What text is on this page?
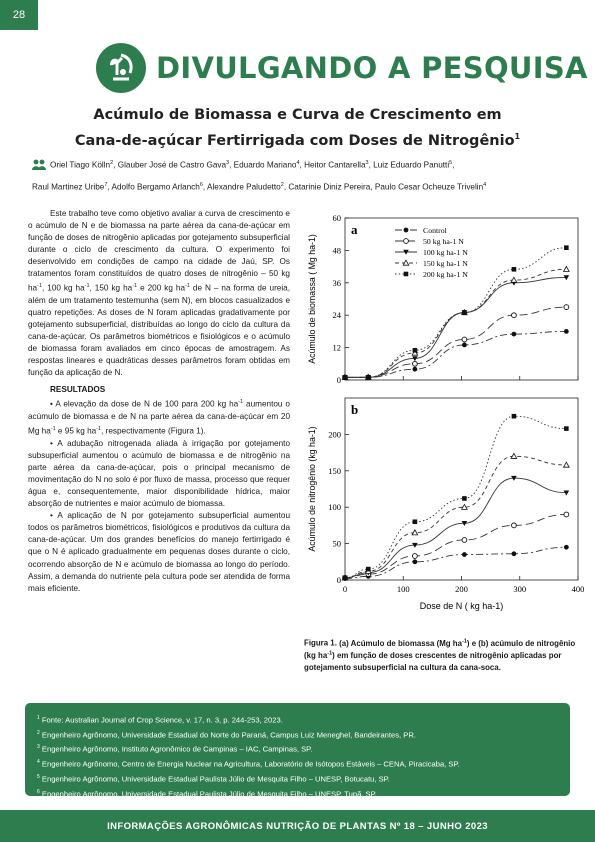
28
DIVULGANDO A PESQUISA
Acúmulo de Biomassa e Curva de Crescimento em
Cana-de-açúcar Fertirrigada com Doses de Nitrogênio$^1$
Oriel Tiago Kölln$^2$, Glauber José de Castro Gava$^3$, Eduardo Mariano$^4$, Heitor Cantarella$^3$, Luiz Eduardo Panutti$^5$,
Raul Martinez Uribe$^7$, Adolfo Bergamo Arlanch$^6$, Alexandre Paludetto$^2$, Catarinie Diniz Pereira, Paulo Cesar Ocheuze Trivelin$^4$

Este trabalho teve como objetivo avaliar a curva de crescimento e o acúmulo de N e de biomassa na parte aérea da cana-de-açúcar em função de doses de nitrogênio aplicadas por gotejamento subsuperficial durante o ciclo de crescimento da cultura. O experimento foi desenvolvido em condições de campo na cidade de Jaú, SP. Os tratamentos foram constituídos de quatro doses de nitrogênio – 50 kg $ha^{-1}$, 100 kg $ha^{-1}$, 150 kg $ha^{-1}$ e 200 kg $ha^{-1}$ de N – na forma de ureia, além de um tratamento testemunha (sem N), em blocos casualizados e quatro repetições. As doses de N foram aplicadas gradativamente por gotejamento subsuperficial, distribuídas ao longo do ciclo da cultura da cana-de-açúcar. Os parâmetros biométricos e fisiológicos e o acúmulo de biomassa foram avaliados em cinco épocas de amostragem. As respostas lineares e quadráticas desses parâmetros foram obtidas em função da aplicação de N.

RESULTADOS

• A elevação da dose de N de 100 para 200 kg $ha^{-1}$ aumentou o acúmulo de biomassa e de N na parte aérea da cana-de-açúcar em 20 Mg $ha^{-1}$ e 95 kg $ha^{-1}$, respectivamente (Figura 1).

• A adubação nitrogenada aliada à irrigação por gotejamento subsuperficial aumentou o acúmulo de biomassa e de nitrogênio na parte aérea da cana-de-açúcar, pois o principal mecanismo de movimentação do N no solo é por fluxo de massa, processo que requer água e, consequentemente, maior disponibilidade hídrica, maior absorção de nutrientes e maior acúmulo de biomassa.

• A aplicação de N por gotejamento subsuperficial aumentou todos os parâmetros biométricos, fisiológicos e produtivos da cultura da cana-de-açúcar. Um dos grandes benefícios do manejo fertirrigado é que o N é aplicado gradualmente em pequenas doses durante o ciclo, ocorrendo absorção de N e acúmulo de biomassa ao longo do período. Assim, a demanda do nutriente pela cultura pode ser atendida de forma mais eficiente.

0
12
24
36
48
60
a
Acúmulo de biomassa ( Mg ha-1)
Control
50 kg ha-1 N
100 kg ha-1 N
150 kg ha-1 N
200 kg ha-1 N
0
50
100
150
200
0	100	200	300	400
b
Acúmulo de nitrogênio (kg ha-1)
Dose de N ( kg ha-1)
Figura 1. (a) Acúmulo de biomassa (Mg $ha^{-1}$) e (b) acúmulo de nitrogênio (kg $ha^{-1}$) em função de doses crescentes de nitrogênio aplicadas por gotejamento subsuperficial na cultura da cana-soca.

$^1$ Fonte: Australian Journal of Crop Science, v. 17, n. 3, p. 244-253, 2023.

$^2$ Engenheiro Agrônomo, Universidade Estadual do Norte do Paraná, Campus Luiz Meneghel, Bandeirantes, PR.

$^3$ Engenheiro Agrônomo, Instituto Agronômico de Campinas – IAC, Campinas, SP.

$^4$ Engenheiro Agrônomo, Centro de Energia Nuclear na Agricultura, Laboratório de Isótopos Estáveis – CENA, Piracicaba, SP.

$^5$ Engenheiro Agrônomo, Universidade Estadual Paulista Júlio de Mesquita Filho – UNESP, Botucatu, SP.

$^6$ Engenheiro Agrônomo, Universidade Estadual Paulista Júlio de Mesquita Filho – UNESP, Tupã, SP.

INFORMAÇÕES AGRONÔMICAS NUTRIÇÃO DE PLANTAS Nº 18 – JUNHO 2023
